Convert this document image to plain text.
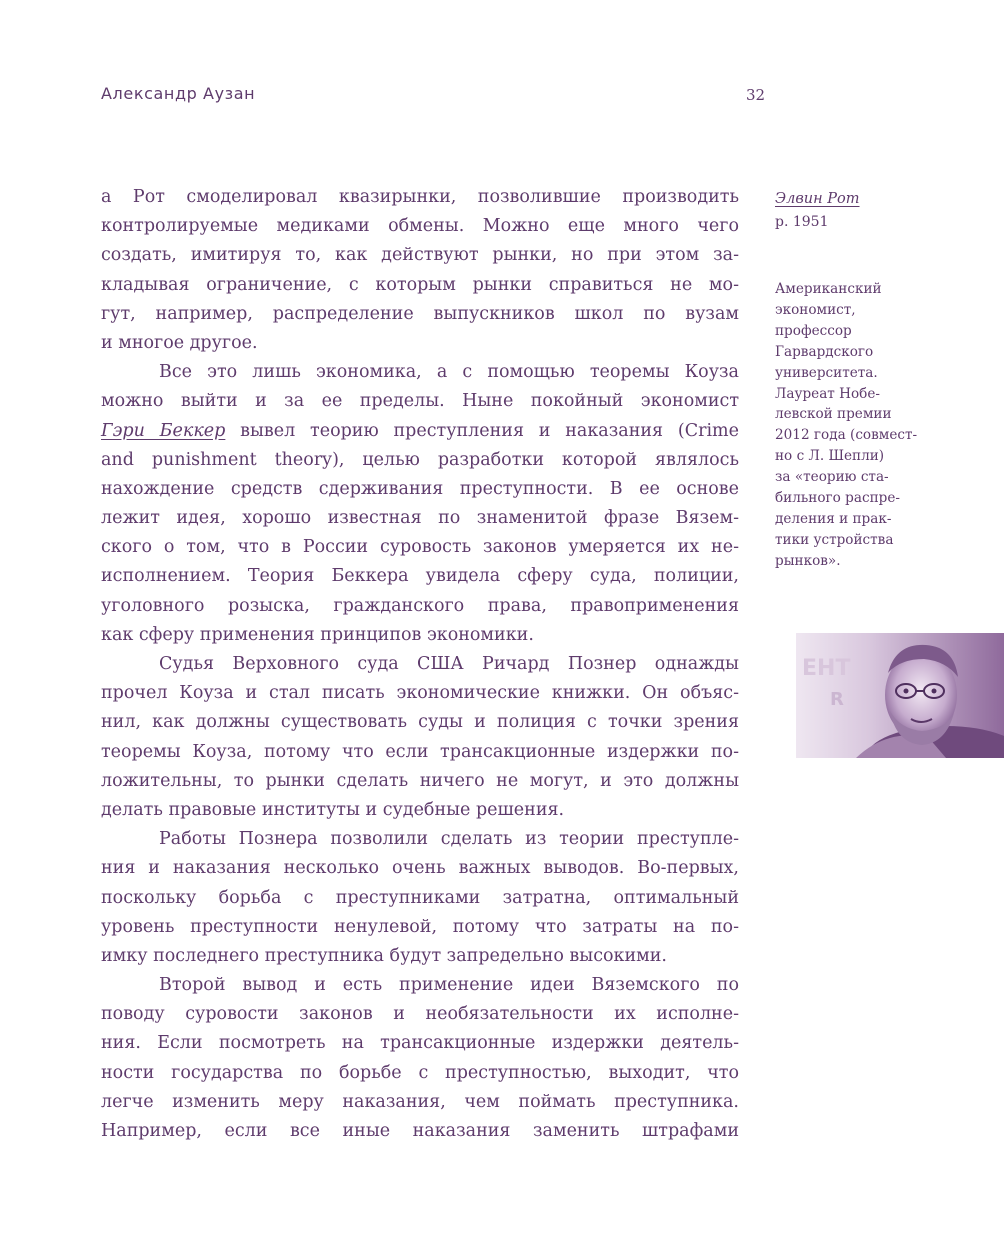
Александр Аузан	32
а Рот смоделировал квазирынки, позволившие производить
контролируемые медиками обмены. Можно еще много чего
создать, имитируя то, как действуют рынки, но при этом за-
кладывая ограничение, с которым рынки справиться не мо-
гут, например, распределение выпускников школ по вузам
и многое другое.
Все это лишь экономика, а с помощью теоремы Коуза
можно выйти и за ее пределы. Ныне покойный экономист
Гэри Беккер вывел теорию преступления и наказания (Crime
and punishment theory), целью разработки которой являлось
нахождение средств сдерживания преступности. В ее основе
лежит идея, хорошо известная по знаменитой фразе Вязем-
ского о том, что в России суровость законов умеряется их не-
исполнением. Теория Беккера увидела сферу суда, полиции,
уголовного розыска, гражданского права, правоприменения
как сферу применения принципов экономики.
Судья Верховного суда США Ричард Познер однажды
прочел Коуза и стал писать экономические книжки. Он объяс-
нил, как должны существовать суды и полиция с точки зрения
теоремы Коуза, потому что если трансакционные издержки по-
ложительны, то рынки сделать ничего не могут, и это должны
делать правовые институты и судебные решения.
Работы Познера позволили сделать из теории преступле-
ния и наказания несколько очень важных выводов. Во-первых,
поскольку борьба с преступниками затратна, оптимальный
уровень преступности ненулевой, потому что затраты на по-
имку последнего преступника будут запредельно высокими.
Второй вывод и есть применение идеи Вяземского по
поводу суровости законов и необязательности их исполне-
ния. Если посмотреть на трансакционные издержки деятель-
ности государства по борьбе с преступностью, выходит, что
легче изменить меру наказания, чем поймать преступника.
Например, если все иные наказания заменить штрафами
Элвин Рот
р. 1951
Американский
экономист,
профессор
Гарвардского
университета.
Лауреат Нобе-
левской премии
2012 года (совмест-
но с Л. Шепли)
за «теорию ста-
бильного распре-
деления и прак-
тики устройства
рынков».
ЕНТ
R
